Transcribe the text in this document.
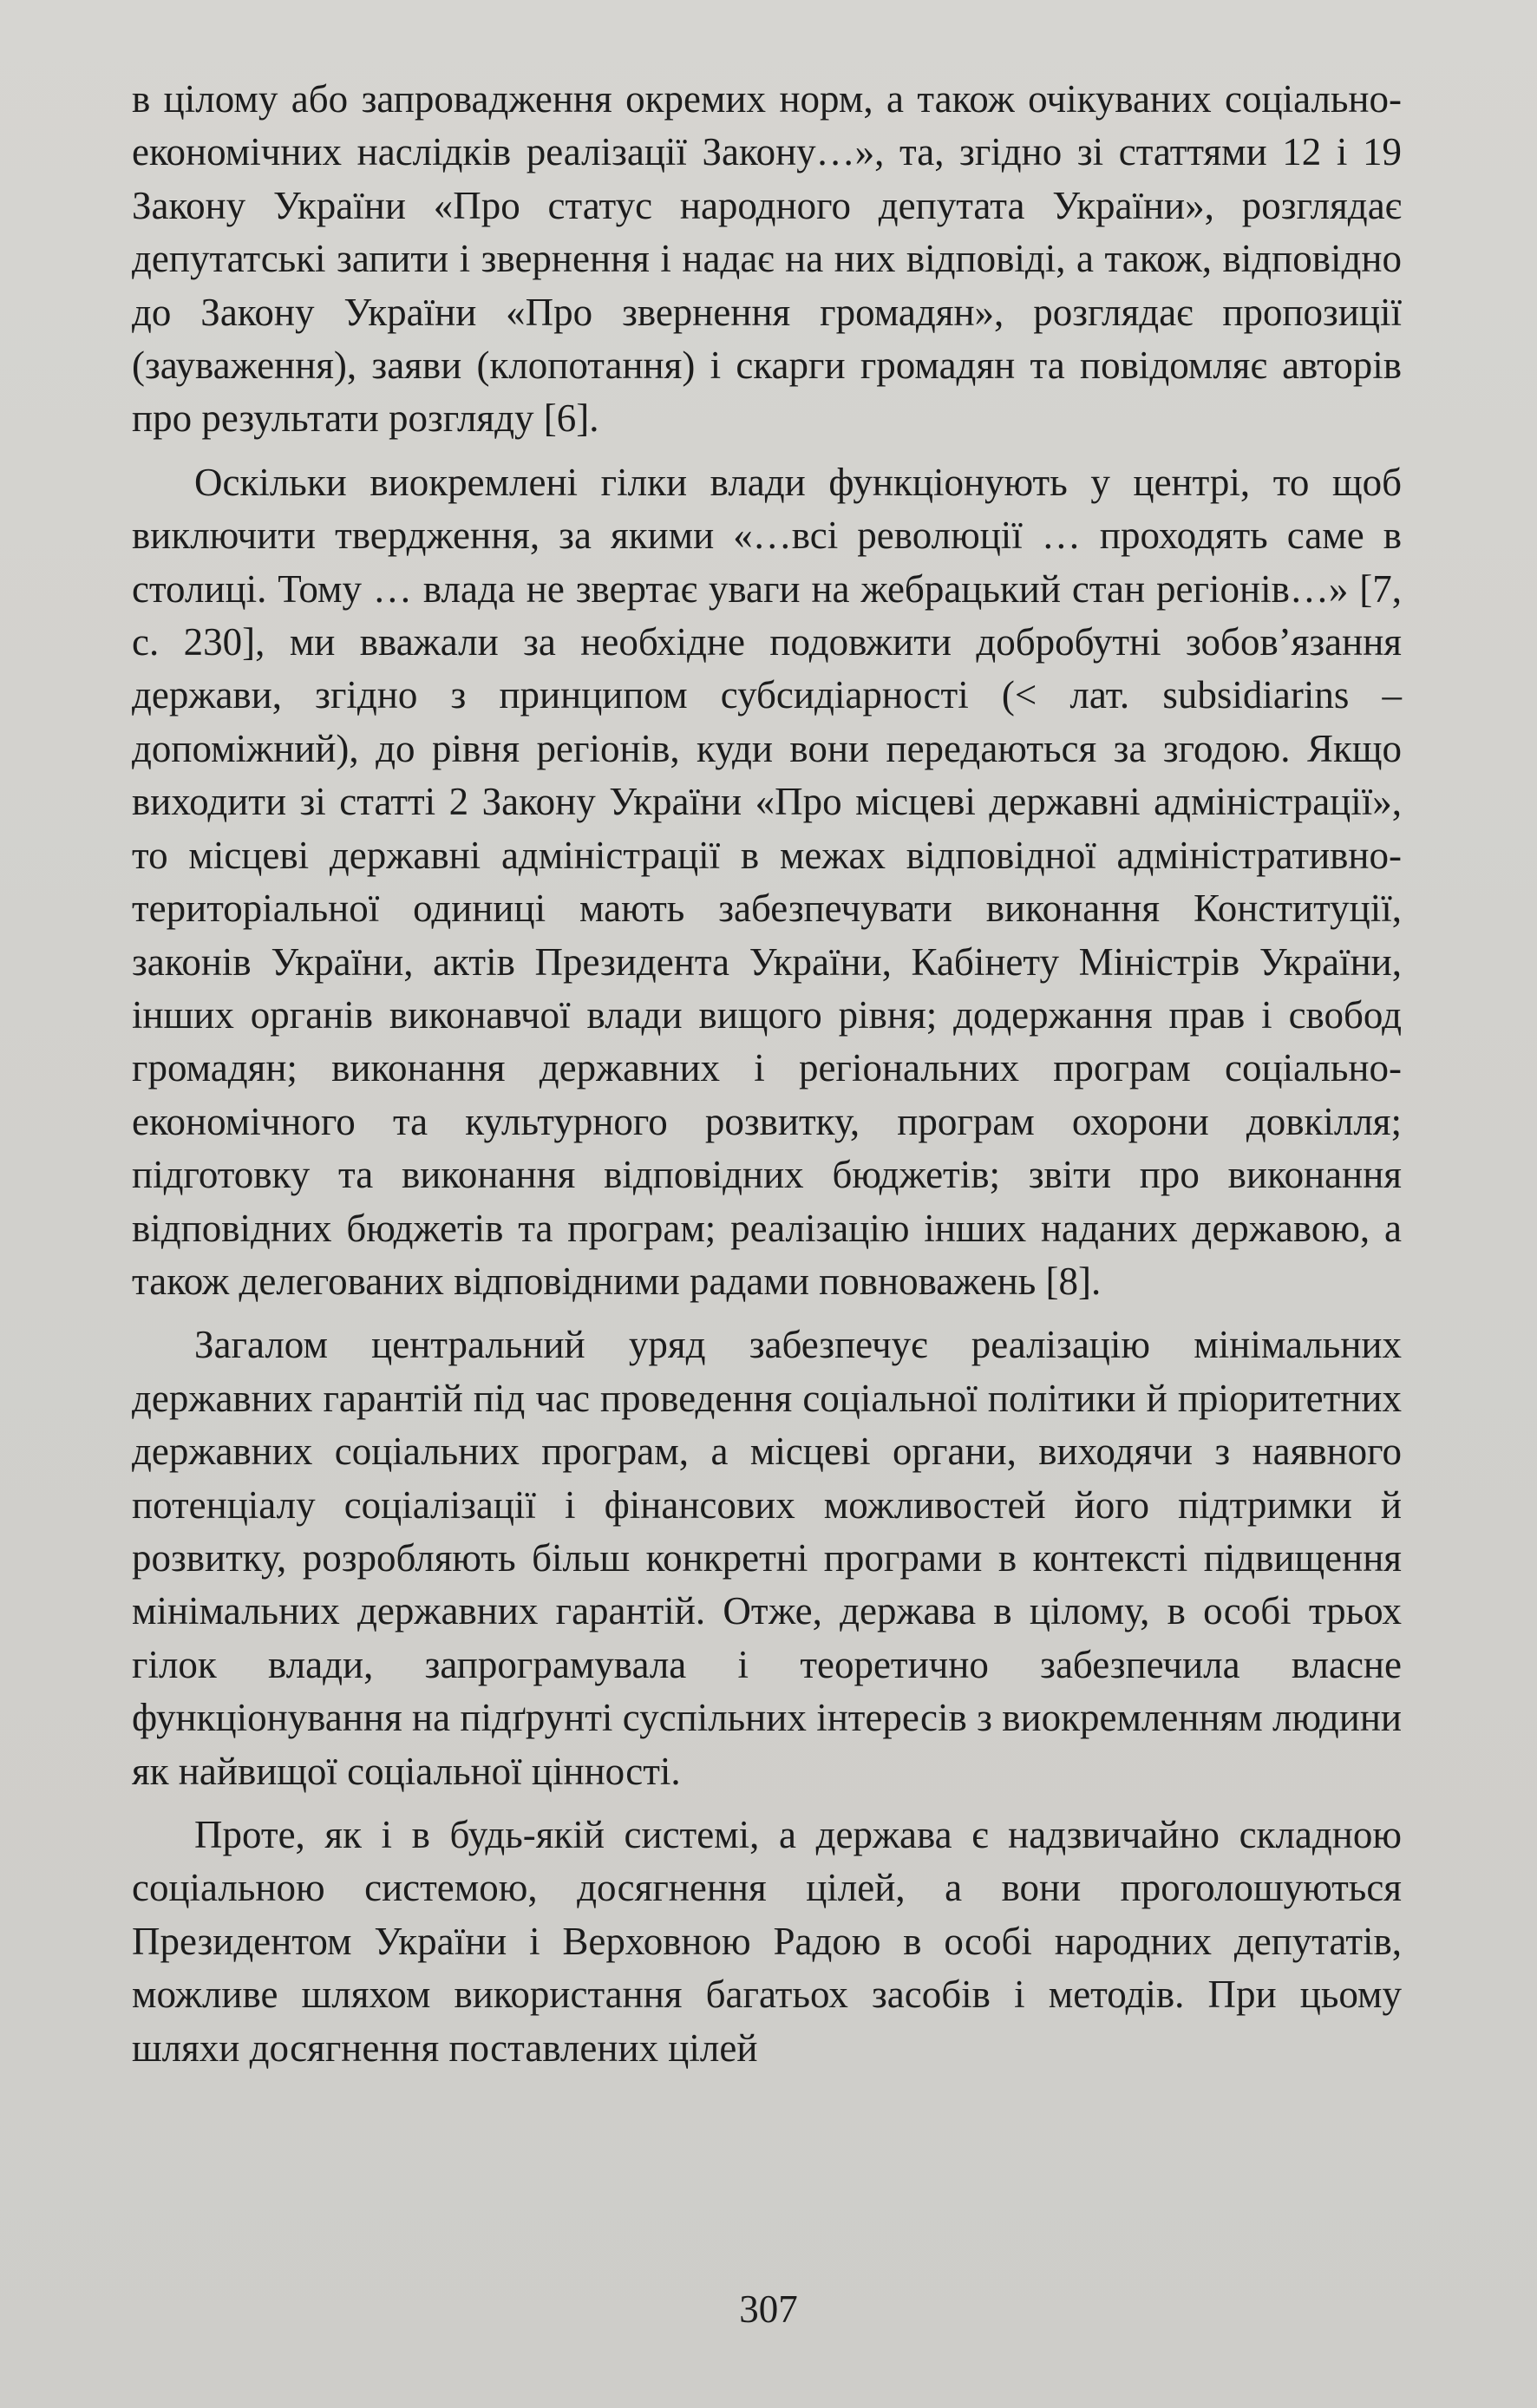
в цілому або запровадження окремих норм, а також очікуваних соціально-економічних наслідків реалізації Закону…», та, згідно зі статтями 12 і 19 Закону України «Про статус народного депутата України», розглядає депутатські запити і звернення і надає на них відповіді, а також, відповідно до Закону України «Про звернення громадян», розглядає пропозиції (зауваження), заяви (клопотання) і скарги громадян та повідомляє авторів про результати розгляду [6].

Оскільки виокремлені гілки влади функціонують у центрі, то щоб виключити твердження, за якими «…всі революції … проходять саме в столиці. Тому … влада не звертає уваги на жебрацький стан регіонів…» [7, с. 230], ми вважали за необхідне подовжити добробутні зобов’язання держави, згідно з принципом субсидіарності (< лат. subsidiarins – допоміжний), до рівня регіонів, куди вони передаються за згодою. Якщо виходити зі статті 2 Закону України «Про місцеві державні адміністрації», то місцеві державні адміністрації в межах відповідної адміністративно-територіальної одиниці мають забезпечувати виконання Конституції, законів України, актів Президента України, Кабінету Міністрів України, інших органів виконавчої влади вищого рівня; додержання прав і свобод громадян; виконання державних і регіональних програм соціально-економічного та культурного розвитку, програм охорони довкілля; підготовку та виконання відповідних бюджетів; звіти про виконання відповідних бюджетів та програм; реалізацію інших наданих державою, а також делегованих відповідними радами повноважень [8].

Загалом центральний уряд забезпечує реалізацію мінімальних державних гарантій під час проведення соціальної політики й пріоритетних державних соціальних програм, а місцеві органи, виходячи з наявного потенціалу соціалізації і фінансових можливостей його підтримки й розвитку, розробляють більш конкретні програми в контексті підвищення мінімальних державних гарантій. Отже, держава в цілому, в особі трьох гілок влади, запрограмувала і теоретично забезпечила власне функціонування на підґрунті суспільних інтересів з виокремленням людини як найвищої соціальної цінності.

Проте, як і в будь-якій системі, а держава є надзвичайно складною соціальною системою, досягнення цілей, а вони проголошуються Президентом України і Верховною Радою в особі народних депутатів, можливе шляхом використання багатьох засобів і методів. При цьому шляхи досягнення поставлених цілей

307
